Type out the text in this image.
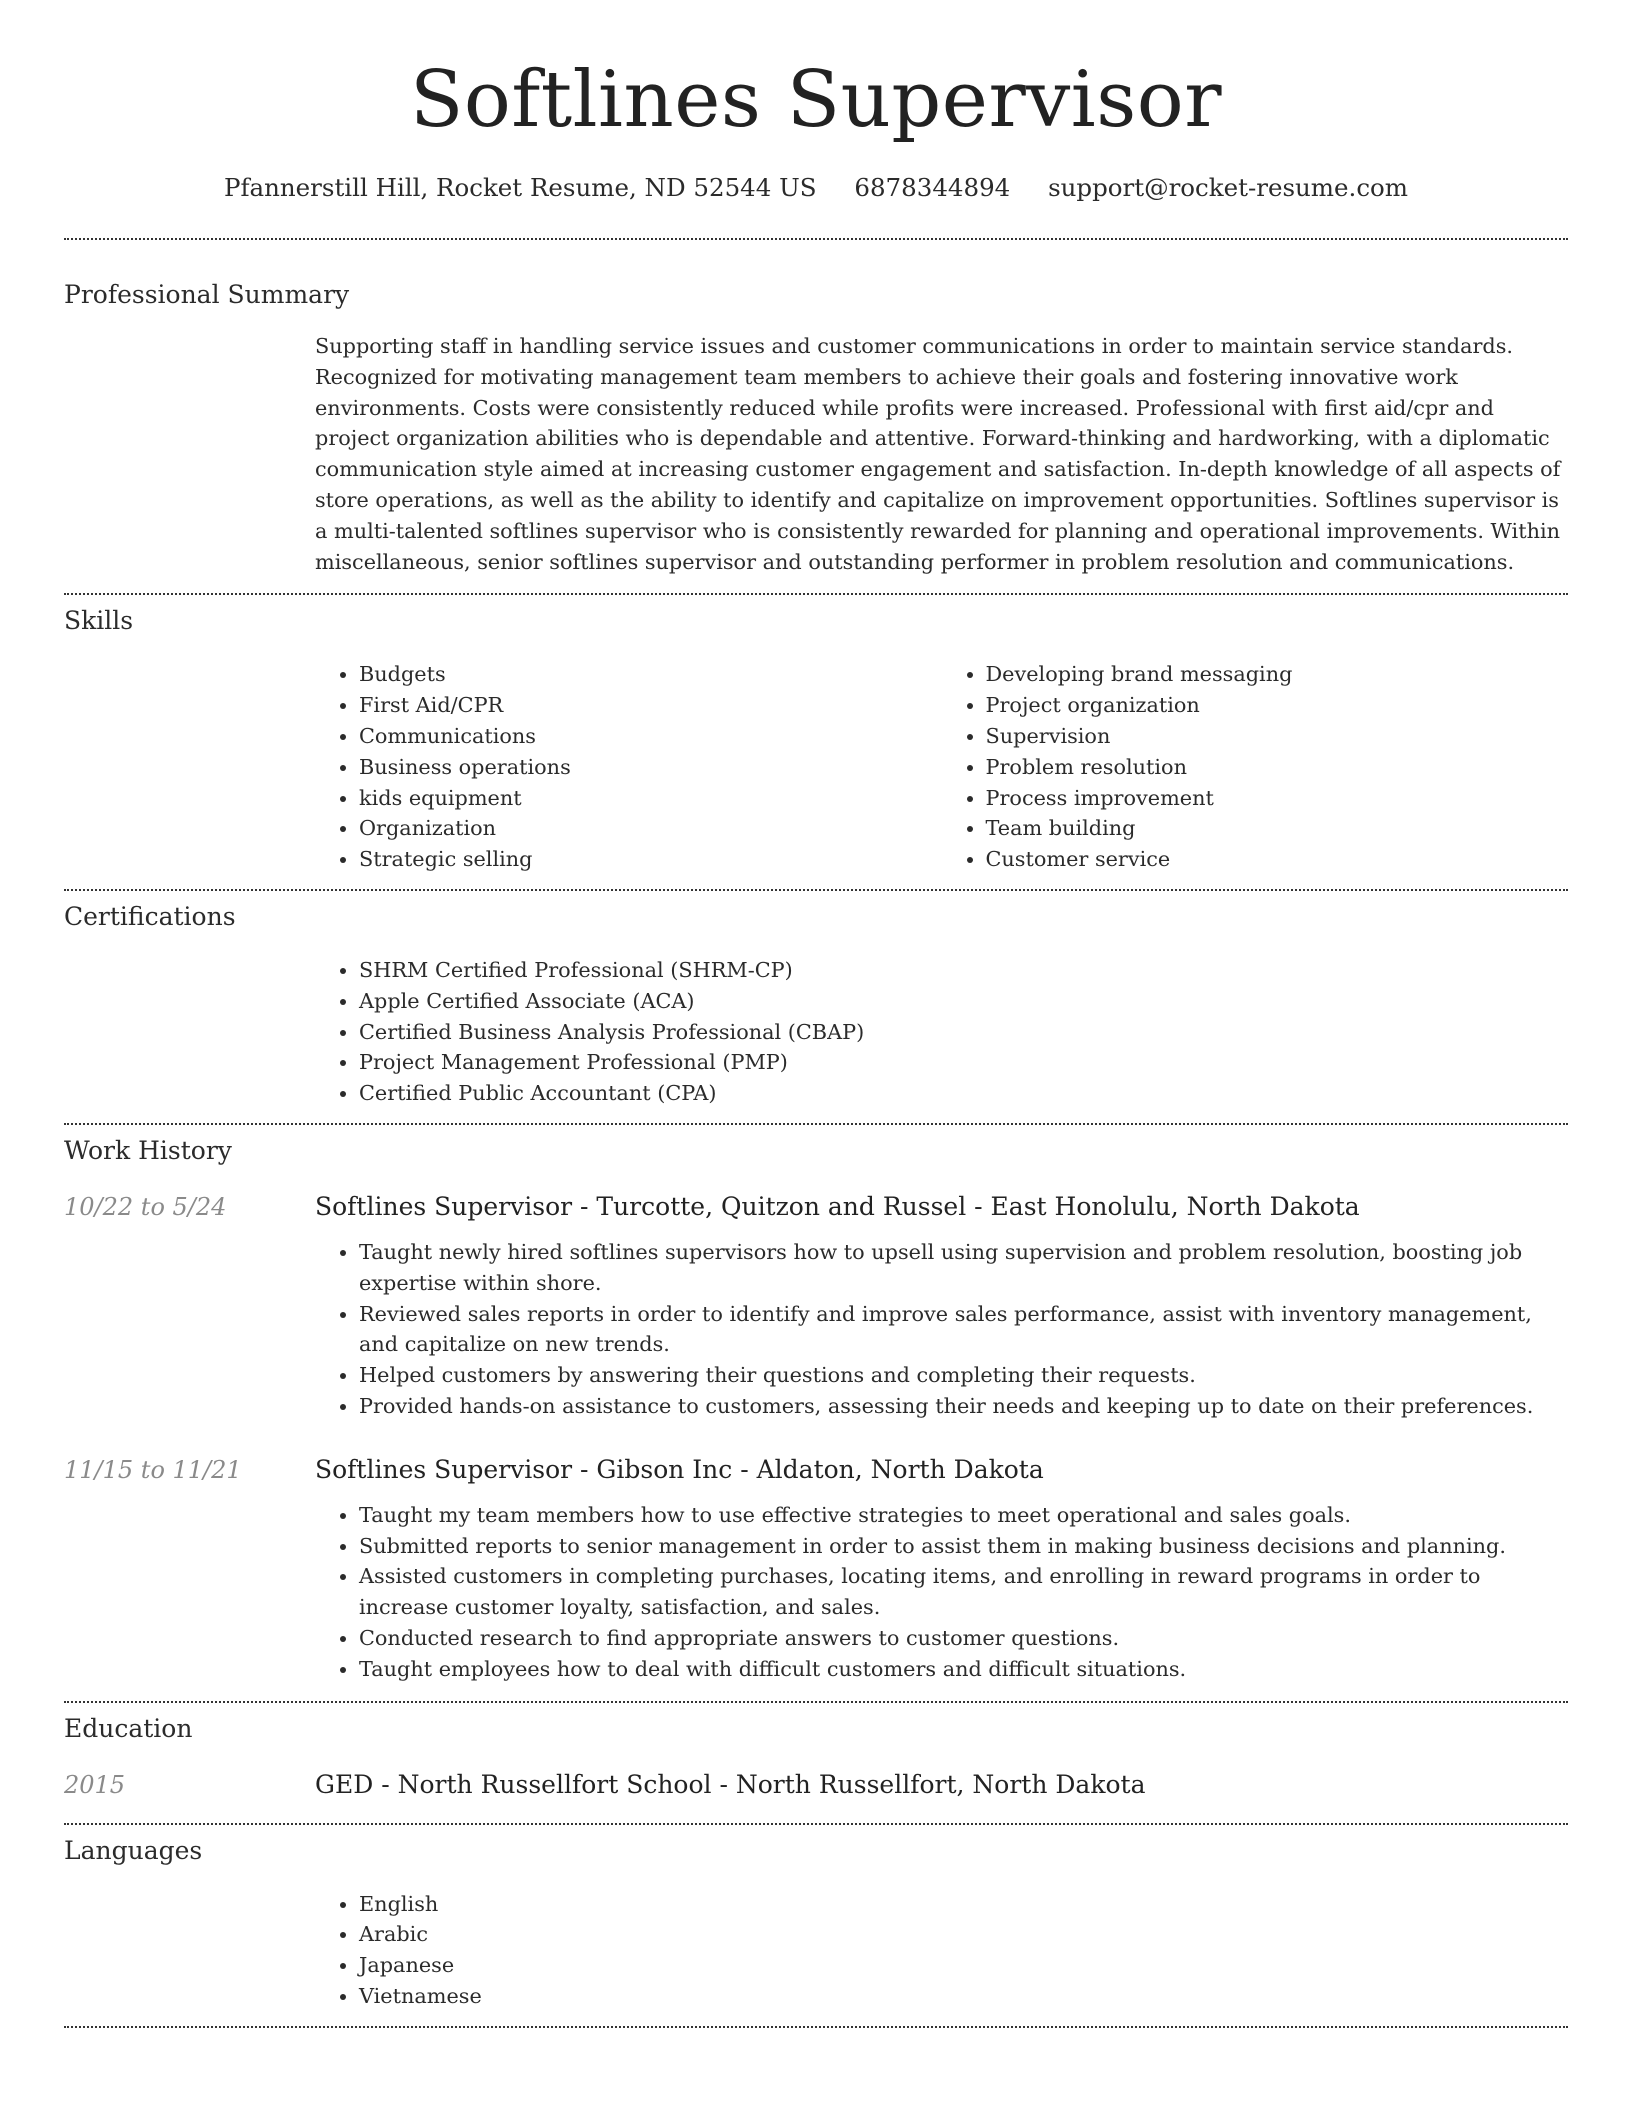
Softlines Supervisor
Pfannerstill Hill, Rocket Resume, ND 52544 US 6878344894 support@rocket-resume.com
Professional Summary

Supporting staff in handling service issues and customer communications in order to maintain service standards. Recognized for motivating management team members to achieve their goals and fostering innovative work environments. Costs were consistently reduced while profits were increased. Professional with first aid/cpr and project organization abilities who is dependable and attentive. Forward-thinking and hardworking, with a diplomatic communication style aimed at increasing customer engagement and satisfaction. In-depth knowledge of all aspects of store operations, as well as the ability to identify and capitalize on improvement opportunities. Softlines supervisor is a multi-talented softlines supervisor who is consistently rewarded for planning and operational improvements. Within miscellaneous, senior softlines supervisor and outstanding performer in problem resolution and communications.

Skills
• Budgets
• First Aid/CPR
• Communications
• Business operations
• kids equipment
• Organization
• Strategic selling
• Developing brand messaging
• Project organization
• Supervision
• Problem resolution
• Process improvement
• Team building
• Customer service
Certifications
• SHRM Certified Professional (SHRM-CP)
• Apple Certified Associate (ACA)
• Certified Business Analysis Professional (CBAP)
• Project Management Professional (PMP)
• Certified Public Accountant (CPA)
Work History
10/22 to 5/24	Softlines Supervisor - Turcotte, Quitzon and Russel - East Honolulu, North Dakota
• Taught newly hired softlines supervisors how to upsell using supervision and problem resolution, boosting job expertise within shore.
• Reviewed sales reports in order to identify and improve sales performance, assist with inventory management, and capitalize on new trends.
• Helped customers by answering their questions and completing their requests.
• Provided hands-on assistance to customers, assessing their needs and keeping up to date on their preferences.
11/15 to 11/21	Softlines Supervisor - Gibson Inc - Aldaton, North Dakota
• Taught my team members how to use effective strategies to meet operational and sales goals.
• Submitted reports to senior management in order to assist them in making business decisions and planning.
• Assisted customers in completing purchases, locating items, and enrolling in reward programs in order to increase customer loyalty, satisfaction, and sales.
• Conducted research to find appropriate answers to customer questions.
• Taught employees how to deal with difficult customers and difficult situations.
Education
2015	GED - North Russellfort School - North Russellfort, North Dakota
Languages
• English
• Arabic
• Japanese
• Vietnamese
